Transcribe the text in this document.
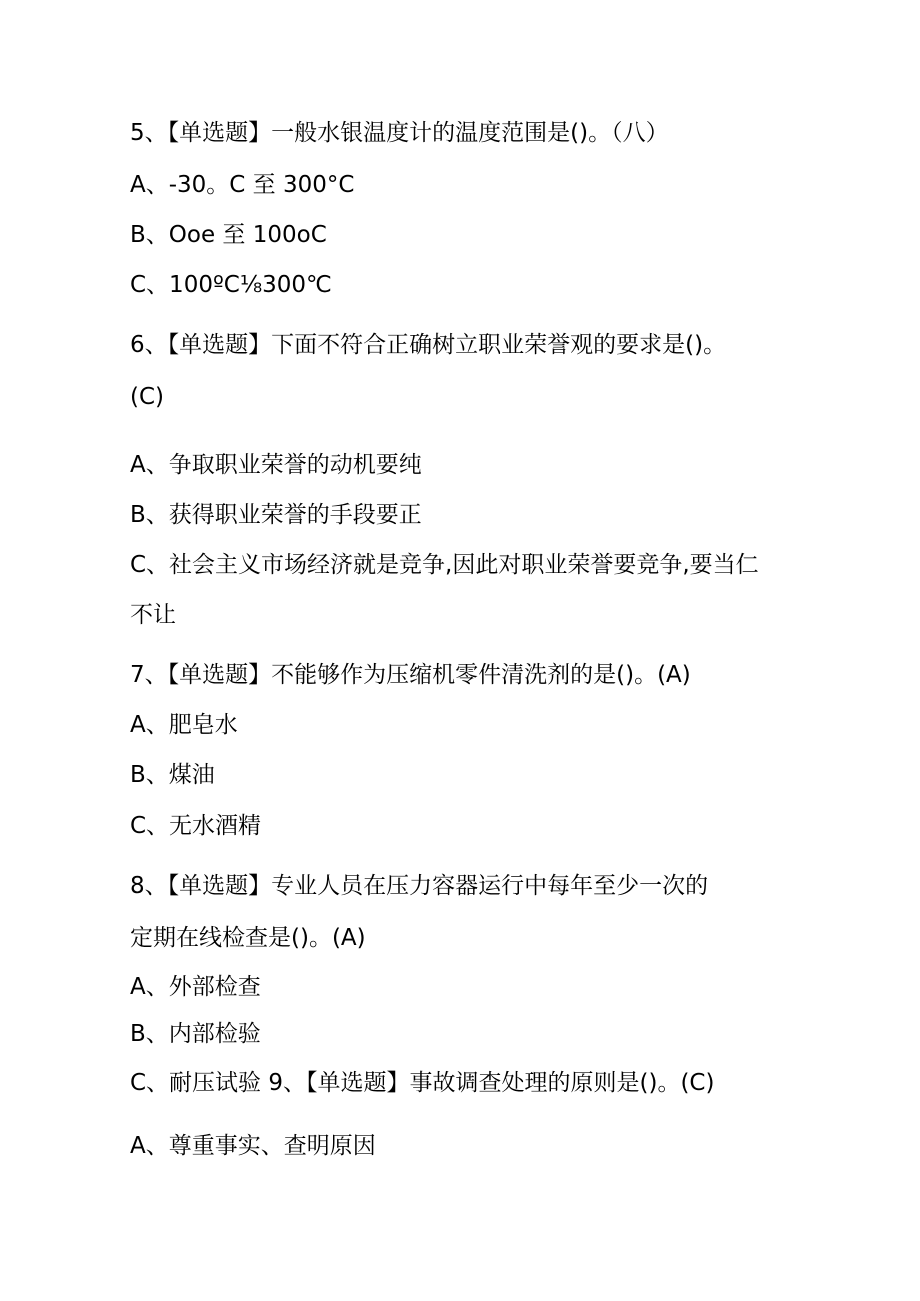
5、【单选题】一般水银温度计的温度范围是()。（八）
A、-30。C 至 300°C
B、Ooe 至 100oC
C、100ºC⅛300℃
6、【单选题】下面不符合正确树立职业荣誉观的要求是()。
(C)
A、争取职业荣誉的动机要纯
B、获得职业荣誉的手段要正
C、社会主义市场经济就是竞争,因此对职业荣誉要竞争,要当仁
不让
7、【单选题】不能够作为压缩机零件清洗剂的是()。(A)
A、肥皂水
B、煤油
C、无水酒精
8、【单选题】专业人员在压力容器运行中每年至少一次的
定期在线检查是()。(A)
A、外部检查
B、内部检验
C、耐压试验 9、【单选题】事故调查处理的原则是()。(C)
A、尊重事实、查明原因
